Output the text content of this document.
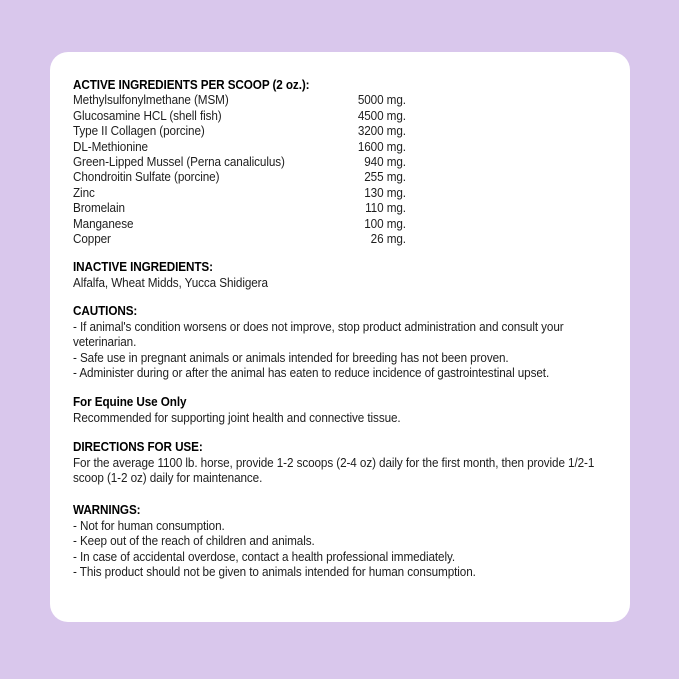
ACTIVE INGREDIENTS PER SCOOP (2 oz.):
Methylsulfonylmethane (MSM)	5000 mg.
Glucosamine HCL (shell fish)	4500 mg.
Type II Collagen (porcine)	3200 mg.
DL-Methionine	1600 mg.
Green-Lipped Mussel (Perna canaliculus)	940 mg.
Chondroitin Sulfate (porcine)	255 mg.
Zinc	130 mg.
Bromelain	110 mg.
Manganese	100 mg.
Copper	26 mg.
INACTIVE INGREDIENTS:
Alfalfa, Wheat Midds, Yucca Shidigera
CAUTIONS:
- If animal's condition worsens or does not improve, stop product administration and consult your veterinarian.
- Safe use in pregnant animals or animals intended for breeding has not been proven.
- Administer during or after the animal has eaten to reduce incidence of gastrointestinal upset.
For Equine Use Only
Recommended for supporting joint health and connective tissue.
DIRECTIONS FOR USE:
For the average 1100 lb. horse, provide 1-2 scoops (2-4 oz) daily for the first month, then provide 1/2-1 scoop (1-2 oz) daily for maintenance.
WARNINGS:
- Not for human consumption.
- Keep out of the reach of children and animals.
- In case of accidental overdose, contact a health professional immediately.
- This product should not be given to animals intended for human consumption.
